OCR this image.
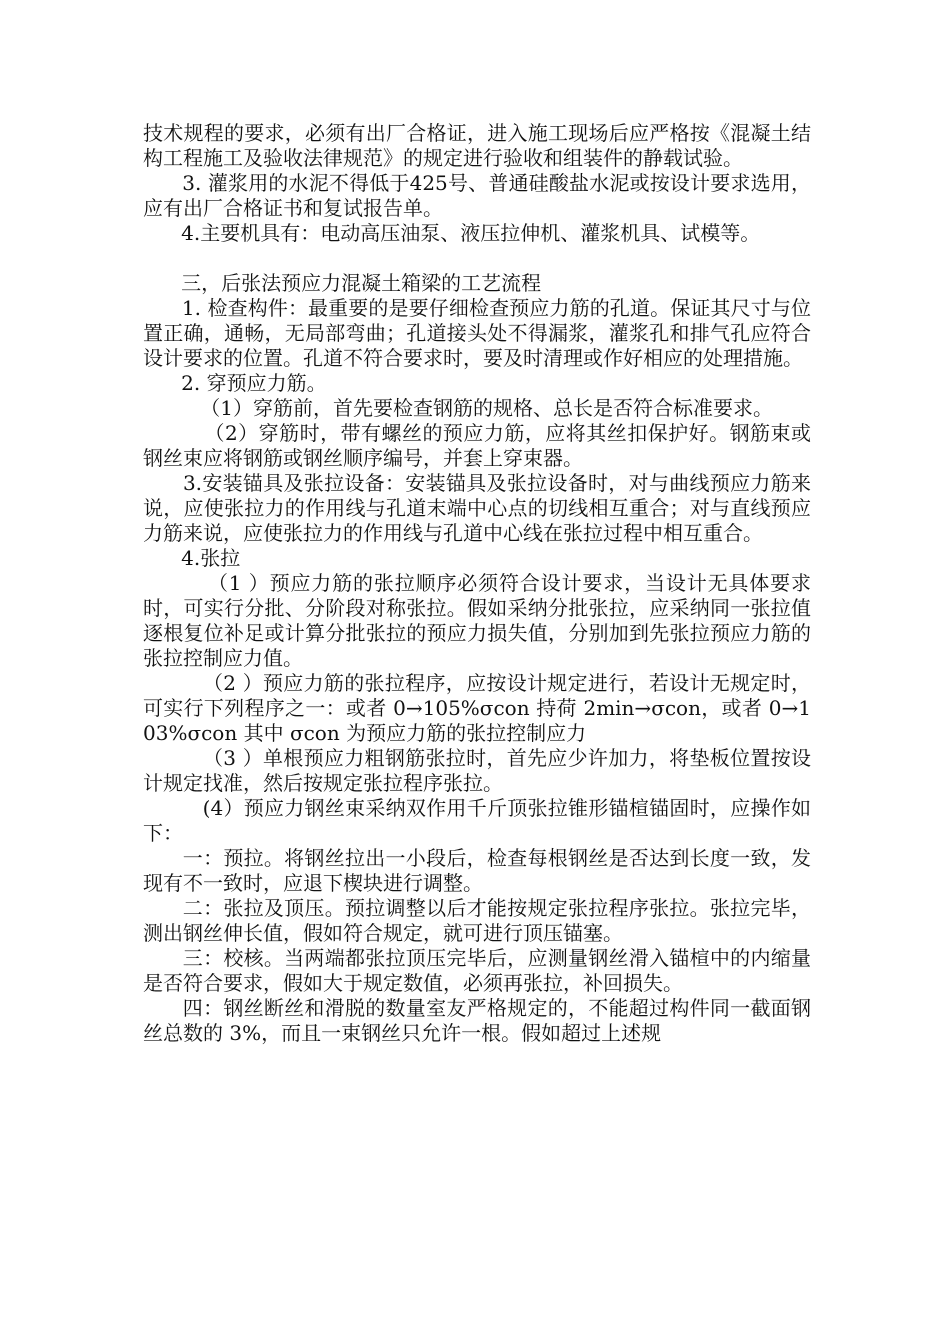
技术规程的要求，必须有出厂合格证，进入施工现场后应严格按《混凝土结构工程施工及验收法律规范》的规定进行验收和组装件的静载试验。

3. 灌浆用的水泥不得低于425号、普通硅酸盐水泥或按设计要求选用，应有出厂合格证书和复试报告单。

4.主要机具有：电动高压油泵、液压拉伸机、灌浆机具、试模等。

三，后张法预应力混凝土箱梁的工艺流程

1. 检查构件：最重要的是要仔细检查预应力筋的孔道。保证其尺寸与位置正确，通畅，无局部弯曲；孔道接头处不得漏浆，灌浆孔和排气孔应符合设计要求的位置。孔道不符合要求时，要及时清理或作好相应的处理措施。

2. 穿预应力筋。

（1）穿筋前，首先要检查钢筋的规格、总长是否符合标准要求。

（2）穿筋时，带有螺丝的预应力筋，应将其丝扣保护好。钢筋束或钢丝束应将钢筋或钢丝顺序编号，并套上穿束器。

3.安装锚具及张拉设备：安装锚具及张拉设备时，对与曲线预应力筋来说，应使张拉力的作用线与孔道末端中心点的切线相互重合；对与直线预应力筋来说，应使张拉力的作用线与孔道中心线在张拉过程中相互重合。

4.张拉

（1 ）预应力筋的张拉顺序必须符合设计要求，当设计无具体要求时，可实行分批、分阶段对称张拉。假如采纳分批张拉，应采纳同一张拉值逐根复位补足或计算分批张拉的预应力损失值，分别加到先张拉预应力筋的张拉控制应力值。

（2 ）预应力筋的张拉程序，应按设计规定进行，若设计无规定时，可实行下列程序之一：或者 0→105%σcon 持荷 2min→σcon，或者 0→103%σcon 其中 σcon 为预应力筋的张拉控制应力

（3 ）单根预应力粗钢筋张拉时，首先应少许加力，将垫板位置按设计规定找准，然后按规定张拉程序张拉。

(4）预应力钢丝束采纳双作用千斤顶张拉锥形锚楦锚固时，应操作如下：

一：预拉。将钢丝拉出一小段后，检查每根钢丝是否达到长度一致，发现有不一致时，应退下楔块进行调整。

二：张拉及顶压。预拉调整以后才能按规定张拉程序张拉。张拉完毕，测出钢丝伸长值，假如符合规定，就可进行顶压锚塞。

三：校核。当两端都张拉顶压完毕后，应测量钢丝滑入锚楦中的内缩量是否符合要求，假如大于规定数值，必须再张拉，补回损失。

四：钢丝断丝和滑脱的数量室友严格规定的，不能超过构件同一截面钢丝总数的 3%，而且一束钢丝只允许一根。假如超过上述规
